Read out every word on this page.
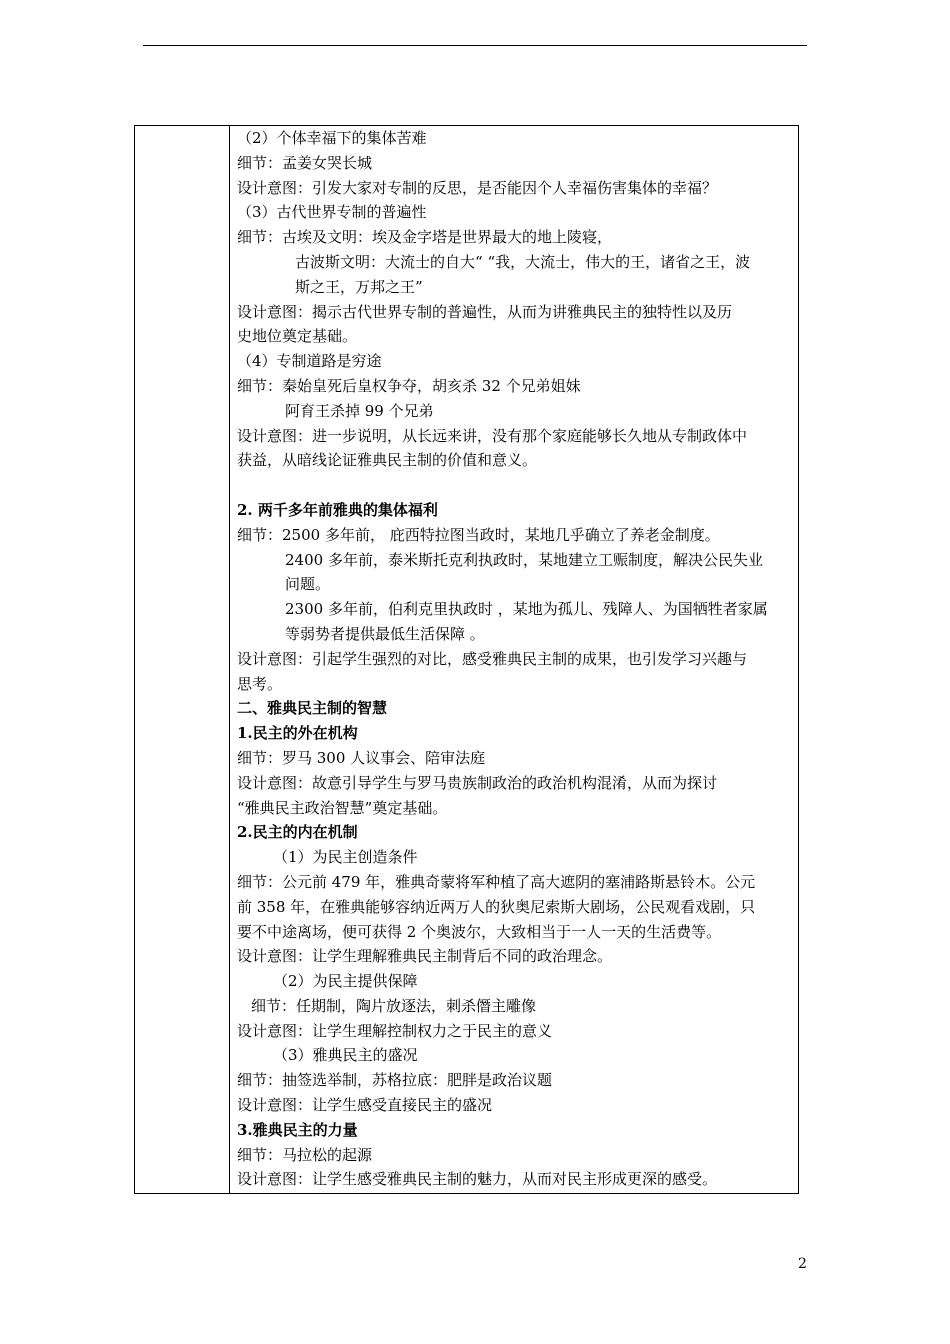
（2）个体幸福下的集体苦难
细节：孟姜女哭长城
设计意图：引发大家对专制的反思，是否能因个人幸福伤害集体的幸福？
（3）古代世界专制的普遍性
细节：古埃及文明：埃及金字塔是世界最大的地上陵寝，
古波斯文明：大流士的自大“ “我，大流士，伟大的王，诸省之王，波
斯之王，万邦之王”
设计意图：揭示古代世界专制的普遍性，从而为讲雅典民主的独特性以及历
史地位奠定基础。
（4）专制道路是穷途
细节：秦始皇死后皇权争夺，胡亥杀 32 个兄弟姐妹
阿育王杀掉 99 个兄弟
设计意图：进一步说明，从长远来讲，没有那个家庭能够长久地从专制政体中
获益，从暗线论证雅典民主制的价值和意义。
2. 两千多年前雅典的集体福利
细节：2500 多年前， 庇西特拉图当政时，某地几乎确立了养老金制度。
2400 多年前，泰米斯托克利执政时，某地建立工赈制度，解决公民失业
问题。
2300 多年前，伯利克里执政时 ，某地为孤儿、残障人、为国牺牲者家属
等弱势者提供最低生活保障 。
设计意图：引起学生强烈的对比，感受雅典民主制的成果，也引发学习兴趣与
思考。
二、雅典民主制的智慧
1.民主的外在机构
细节：罗马 300 人议事会、陪审法庭
设计意图：故意引导学生与罗马贵族制政治的政治机构混淆，从而为探讨
“雅典民主政治智慧”奠定基础。
2.民主的内在机制
（1）为民主创造条件
细节：公元前 479 年，雅典奇蒙将军种植了高大遮阴的塞浦路斯悬铃木。公元
前 358 年，在雅典能够容纳近两万人的狄奥尼索斯大剧场，公民观看戏剧，只
要不中途离场，便可获得 2 个奥波尔，大致相当于一人一天的生活费等。
设计意图：让学生理解雅典民主制背后不同的政治理念。
（2）为民主提供保障
细节：任期制，陶片放逐法，刺杀僭主雕像
设计意图：让学生理解控制权力之于民主的意义
（3）雅典民主的盛况
细节：抽签选举制，苏格拉底：肥胖是政治议题
设计意图：让学生感受直接民主的盛况
3.雅典民主的力量
细节：马拉松的起源
设计意图：让学生感受雅典民主制的魅力，从而对民主形成更深的感受。
2
